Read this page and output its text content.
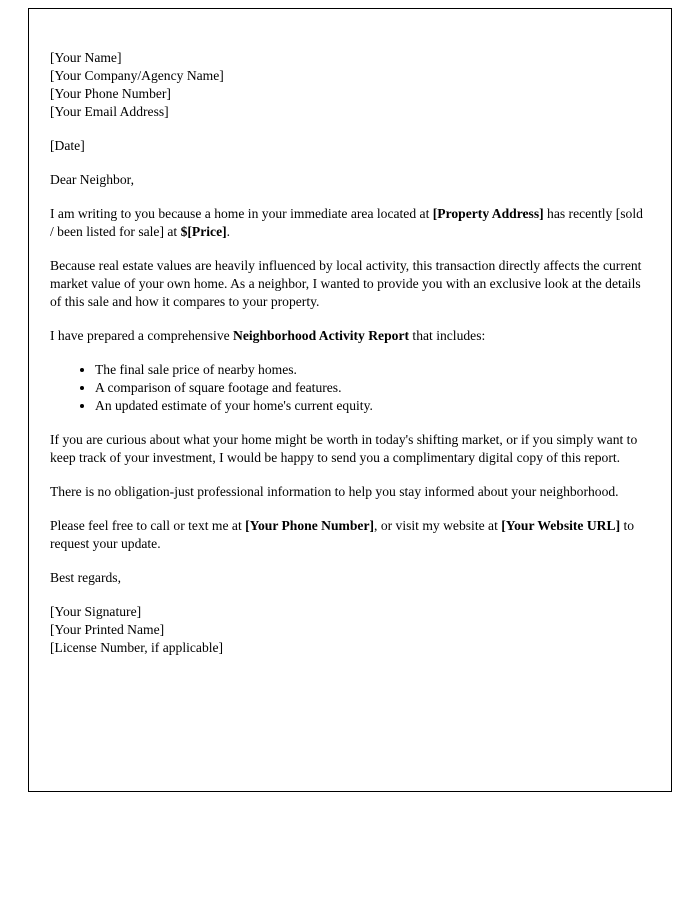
[Your Name]
[Your Company/Agency Name]
[Your Phone Number]
[Your Email Address]

[Date]

Dear Neighbor,

I am writing to you because a home in your immediate area located at [Property Address] has recently [sold / been listed for sale] at $[Price].

Because real estate values are heavily influenced by local activity, this transaction directly affects the current market value of your own home. As a neighbor, I wanted to provide you with an exclusive look at the details of this sale and how it compares to your property.

I have prepared a comprehensive Neighborhood Activity Report that includes:

• The final sale price of nearby homes.
• A comparison of square footage and features.
• An updated estimate of your home's current equity.

If you are curious about what your home might be worth in today's shifting market, or if you simply want to keep track of your investment, I would be happy to send you a complimentary digital copy of this report.

There is no obligation-just professional information to help you stay informed about your neighborhood.

Please feel free to call or text me at [Your Phone Number], or visit my website at [Your Website URL] to request your update.

Best regards,

[Your Signature]
[Your Printed Name]
[License Number, if applicable]
